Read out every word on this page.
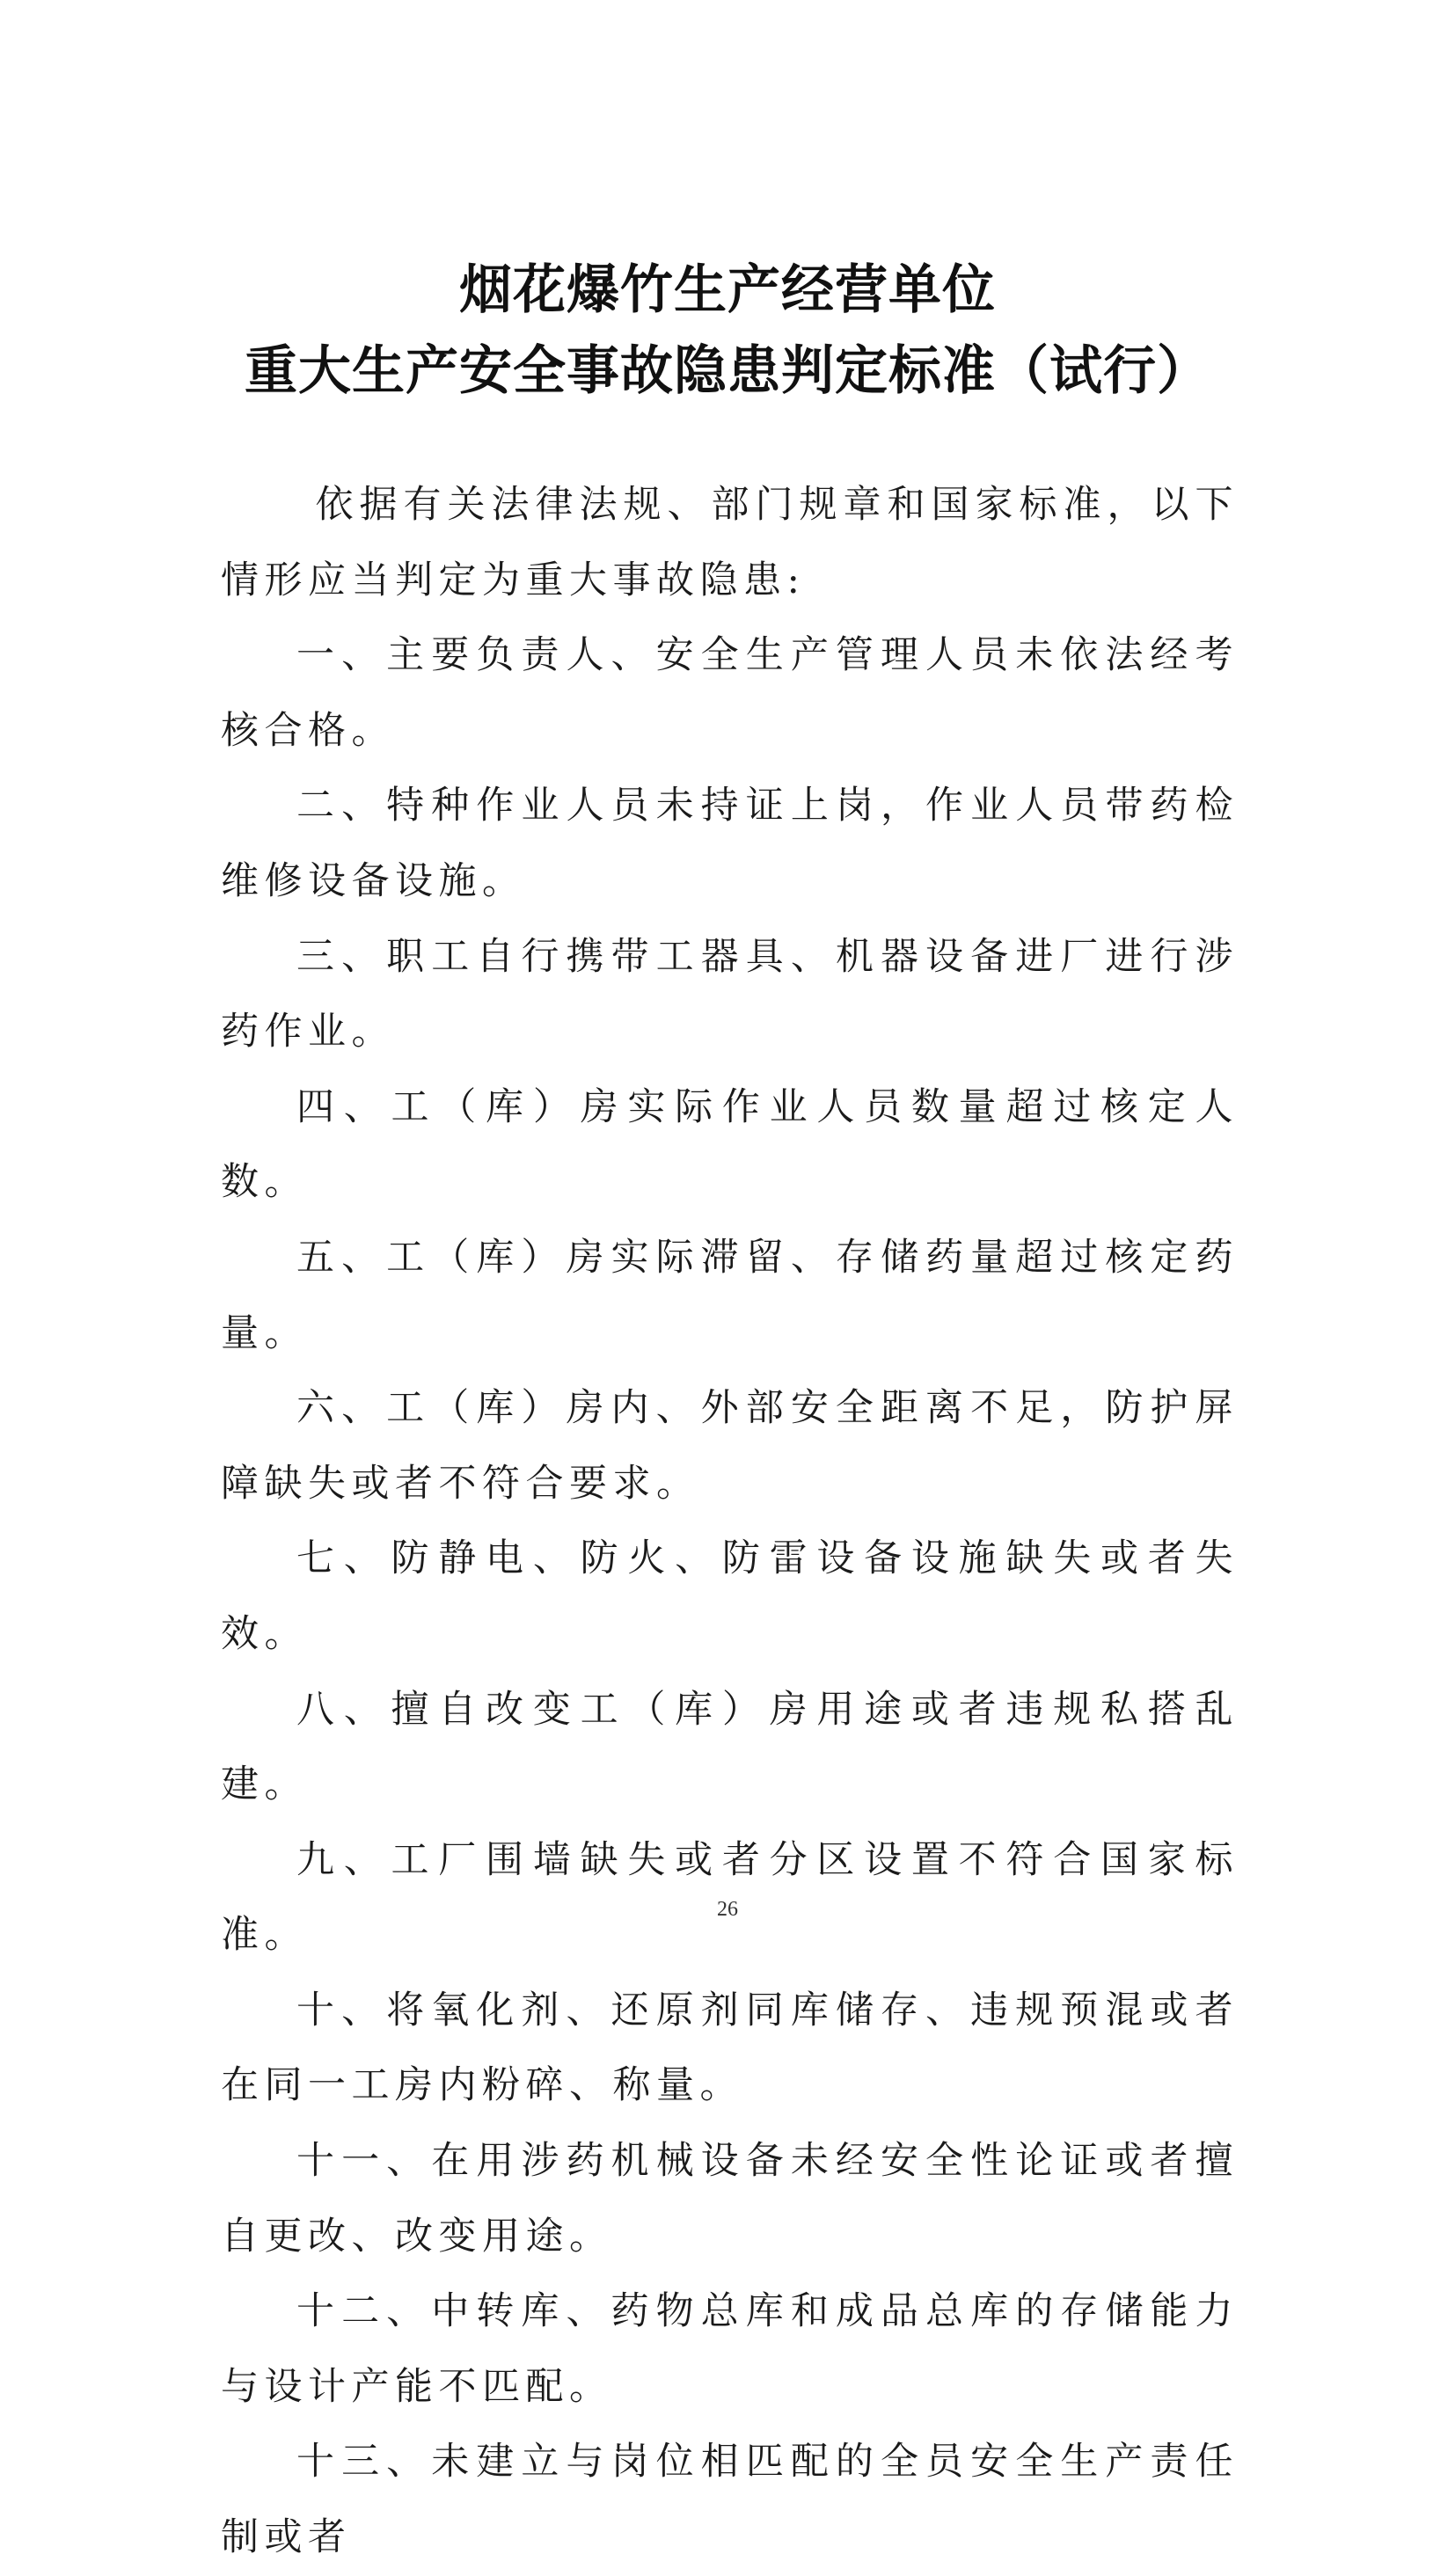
烟花爆竹生产经营单位
重大生产安全事故隐患判定标准（试行）

依据有关法律法规、部门规章和国家标准，以下情形应当判定为重大事故隐患:

一、主要负责人、安全生产管理人员未依法经考核合格。

二、特种作业人员未持证上岗，作业人员带药检维修设备设施。

三、职工自行携带工器具、机器设备进厂进行涉药作业。

四、工（库）房实际作业人员数量超过核定人数。

五、工（库）房实际滞留、存储药量超过核定药量。

六、工（库）房内、外部安全距离不足，防护屏障缺失或者不符合要求。

七、防静电、防火、防雷设备设施缺失或者失效。

八、擅自改变工（库）房用途或者违规私搭乱建。

九、工厂围墙缺失或者分区设置不符合国家标准。

十、将氧化剂、还原剂同库储存、违规预混或者在同一工房内粉碎、称量。

十一、在用涉药机械设备未经安全性论证或者擅自更改、改变用途。

十二、中转库、药物总库和成品总库的存储能力与设计产能不匹配。

十三、未建立与岗位相匹配的全员安全生产责任制或者

26
